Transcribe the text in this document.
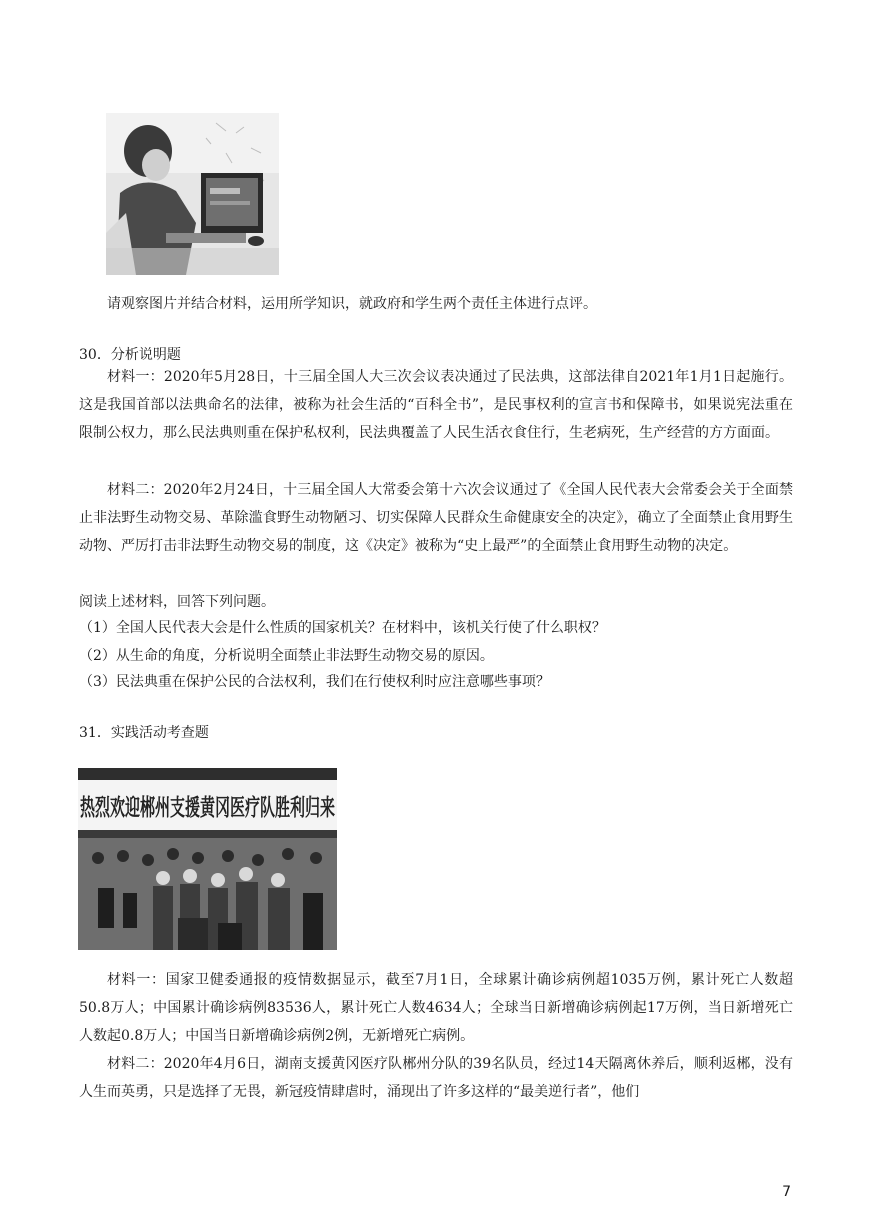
请观察图片并结合材料，运用所学知识，就政府和学生两个责任主体进行点评。
30．分析说明题
材料一：2020年5月28日，十三届全国人大三次会议表决通过了民法典，这部法律自2021年1月1日起施行。这是我国首部以法典命名的法律，被称为社会生活的“百科全书”，是民事权利的宣言书和保障书，如果说宪法重在限制公权力，那么民法典则重在保护私权利，民法典覆盖了人民生活衣食住行，生老病死，生产经营的方方面面。
材料二：2020年2月24日，十三届全国人大常委会第十六次会议通过了《全国人民代表大会常委会关于全面禁止非法野生动物交易、革除滥食野生动物陋习、切实保障人民群众生命健康安全的决定》，确立了全面禁止食用野生动物、严厉打击非法野生动物交易的制度，这《决定》被称为“史上最严”的全面禁止食用野生动物的决定。
阅读上述材料，回答下列问题。
（1）全国人民代表大会是什么性质的国家机关？在材料中，该机关行使了什么职权？
（2）从生命的角度，分析说明全面禁止非法野生动物交易的原因。
（3）民法典重在保护公民的合法权利，我们在行使权利时应注意哪些事项？
31．实践活动考查题
热烈欢迎郴州支援黄冈医疗队胜利归来
材料一：国家卫健委通报的疫情数据显示，截至7月1日，全球累计确诊病例超1035万例，累计死亡人数超50.8万人；中国累计确诊病例83536人，累计死亡人数4634人；全球当日新增确诊病例起17万例，当日新增死亡人数起0.8万人；中国当日新增确诊病例2例，无新增死亡病例。
材料二：2020年4月6日，湖南支援黄冈医疗队郴州分队的39名队员，经过14天隔离休养后，顺利返郴，没有人生而英勇，只是选择了无畏，新冠疫情肆虐时，涌现出了许多这样的“最美逆行者”，他们
7
